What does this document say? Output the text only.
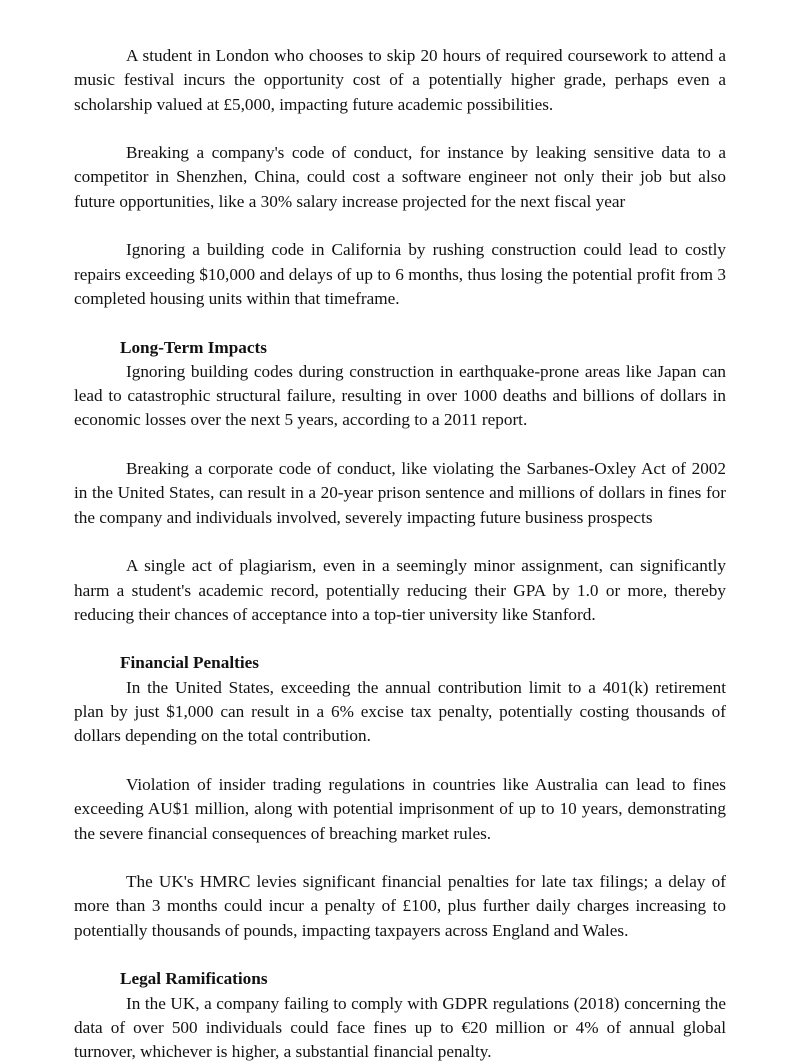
A student in London who chooses to skip 20 hours of required coursework to attend a music festival incurs the opportunity cost of a potentially higher grade, perhaps even a scholarship valued at £5,000, impacting future academic possibilities.

Breaking a company's code of conduct, for instance by leaking sensitive data to a competitor in Shenzhen, China, could cost a software engineer not only their job but also future opportunities, like a 30% salary increase projected for the next fiscal year

Ignoring a building code in California by rushing construction could lead to costly repairs exceeding $10,000 and delays of up to 6 months, thus losing the potential profit from 3 completed housing units within that timeframe.

Long-Term Impacts

Ignoring building codes during construction in earthquake-prone areas like Japan can lead to catastrophic structural failure, resulting in over 1000 deaths and billions of dollars in economic losses over the next 5 years, according to a 2011 report.

Breaking a corporate code of conduct, like violating the Sarbanes-Oxley Act of 2002 in the United States, can result in a 20-year prison sentence and millions of dollars in fines for the company and individuals involved, severely impacting future business prospects

A single act of plagiarism, even in a seemingly minor assignment, can significantly harm a student's academic record, potentially reducing their GPA by 1.0 or more, thereby reducing their chances of acceptance into a top-tier university like Stanford.

Financial Penalties

In the United States, exceeding the annual contribution limit to a 401(k) retirement plan by just $1,000 can result in a 6% excise tax penalty, potentially costing thousands of dollars depending on the total contribution.

Violation of insider trading regulations in countries like Australia can lead to fines exceeding AU$1 million, along with potential imprisonment of up to 10 years, demonstrating the severe financial consequences of breaching market rules.

The UK's HMRC levies significant financial penalties for late tax filings; a delay of more than 3 months could incur a penalty of £100, plus further daily charges increasing to potentially thousands of pounds, impacting taxpayers across England and Wales.

Legal Ramifications

In the UK, a company failing to comply with GDPR regulations (2018) concerning the data of over 500 individuals could face fines up to €20 million or 4% of annual global turnover, whichever is higher, a substantial financial penalty.
